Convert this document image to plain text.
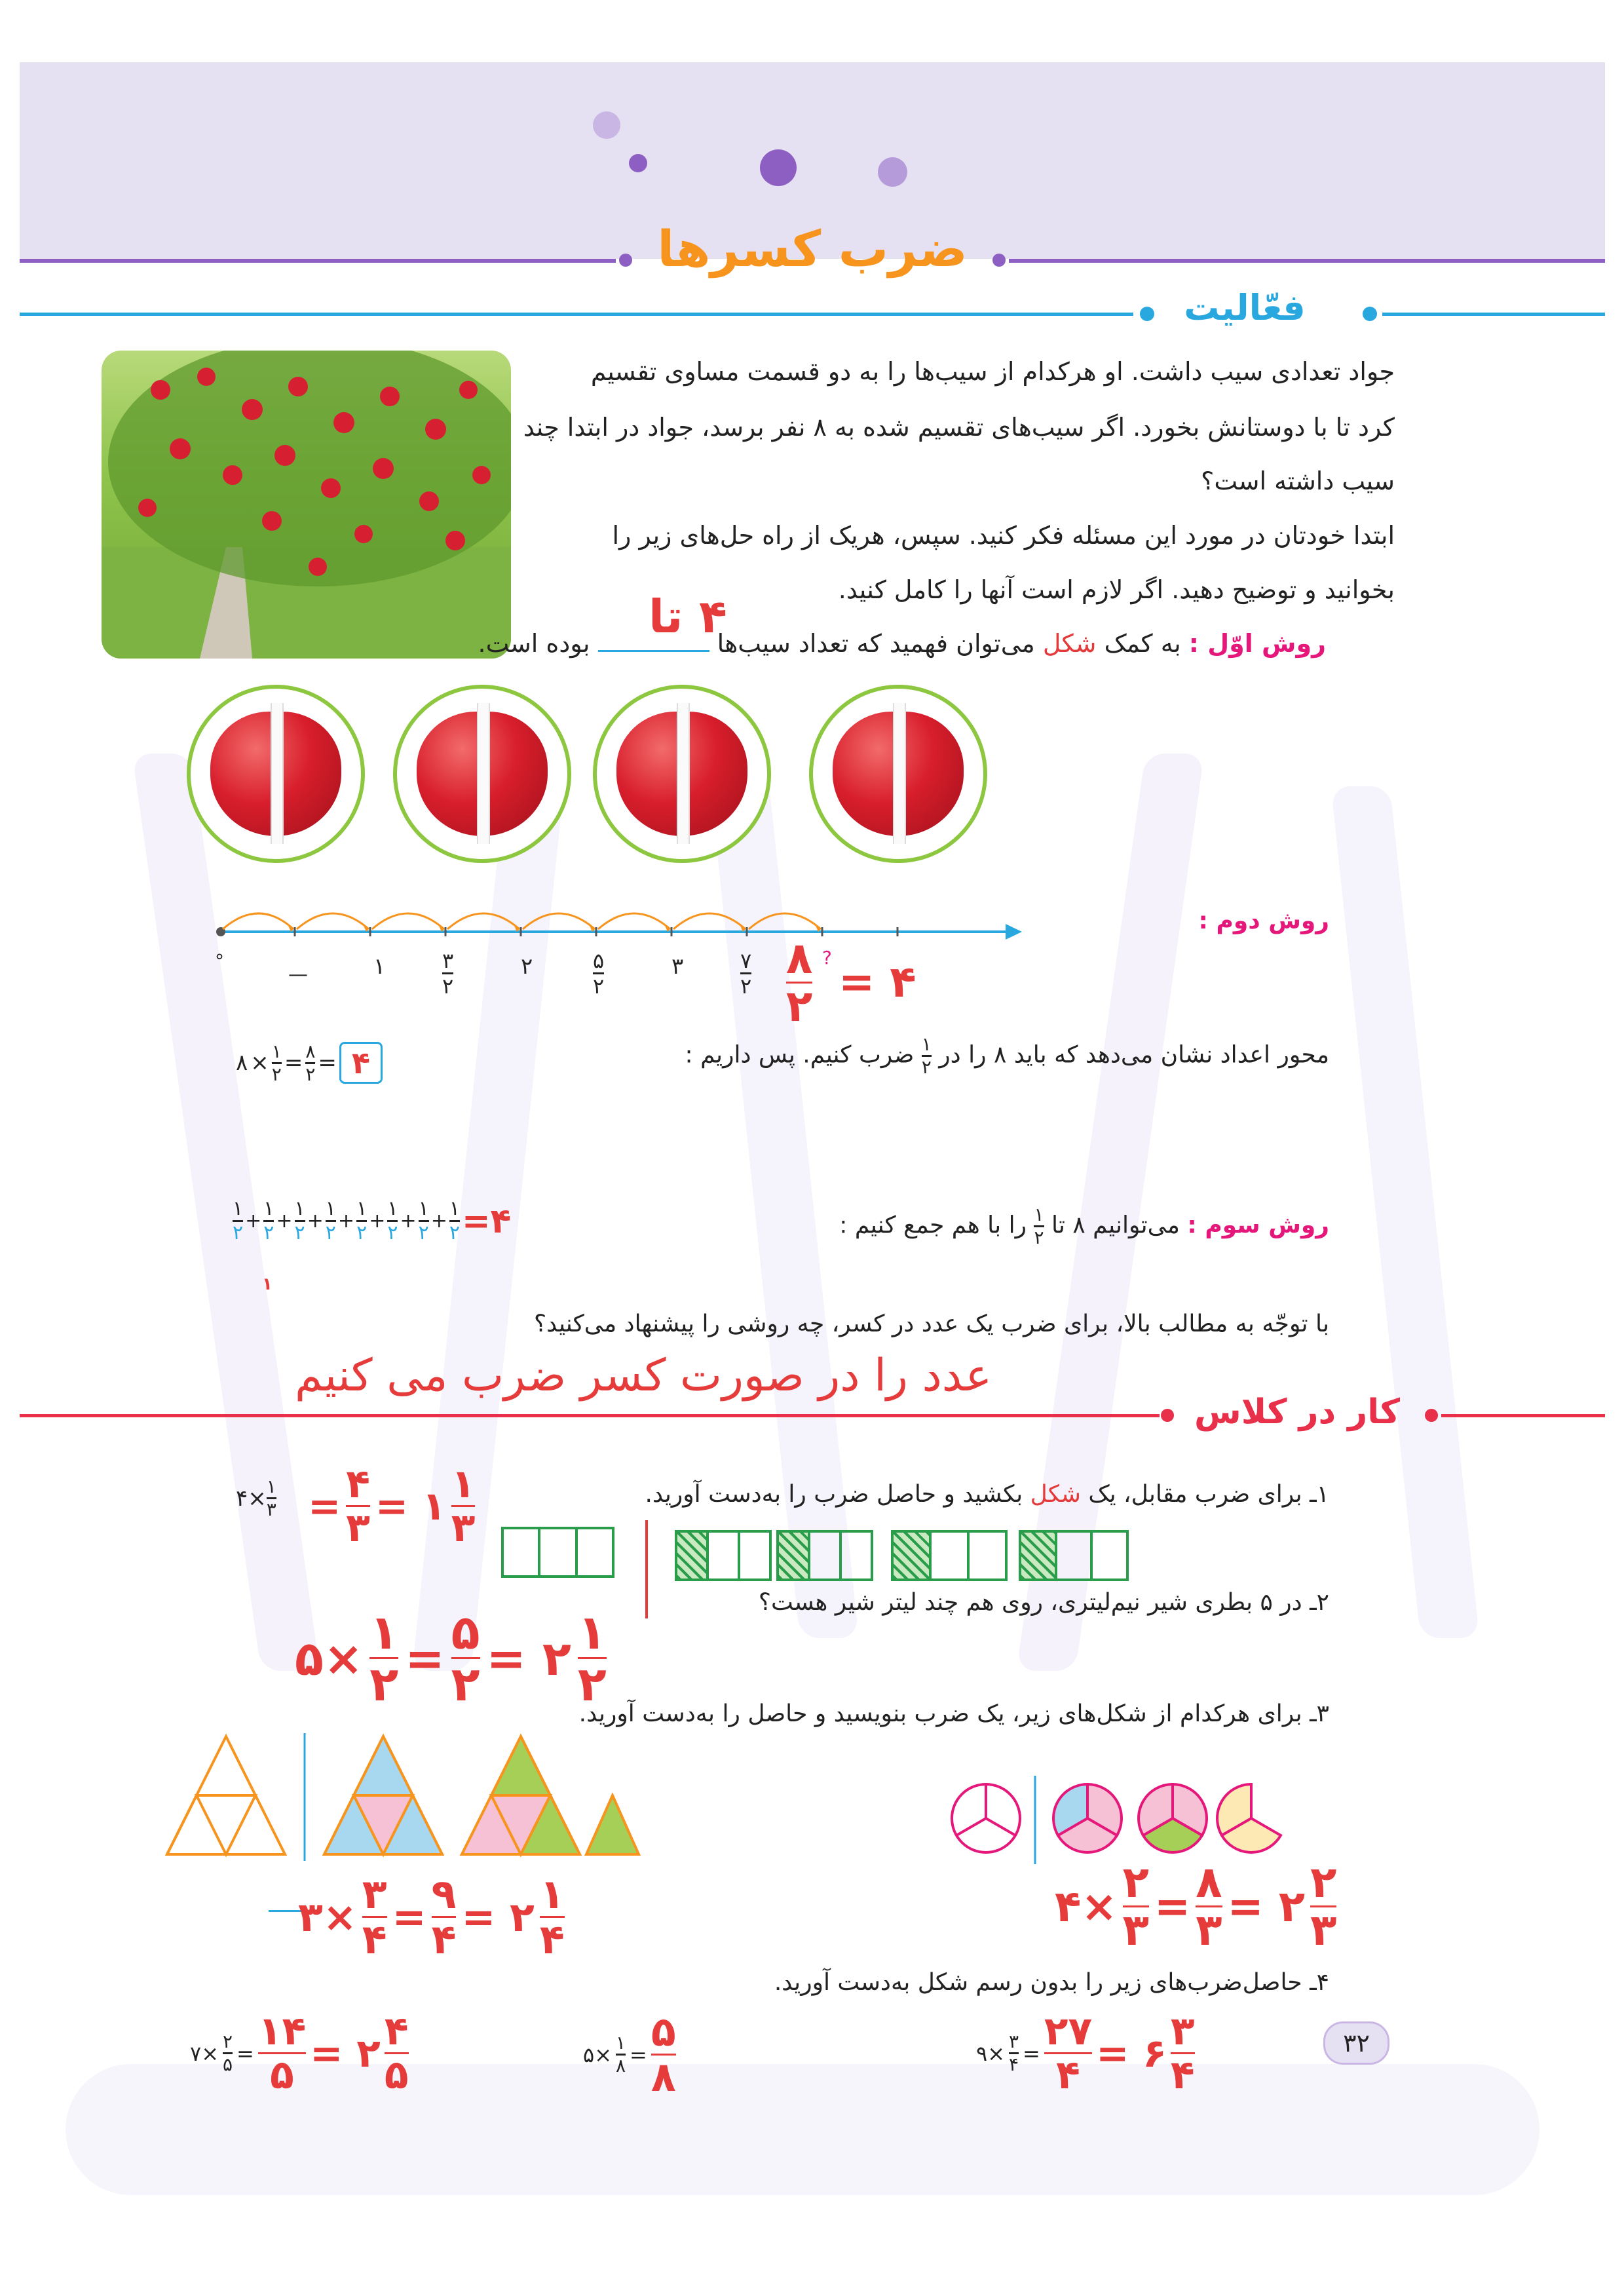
ضرب کسرها
فعّالیت
جواد تعدادی سیب داشت. او هرکدام از سیب‌ها را به دو قسمت مساوی تقسیم
کرد تا با دوستانش بخورد. اگر سیب‌های تقسیم شده به ۸ نفر برسد، جواد در ابتدا چند
سیب داشته است؟
ابتدا خودتان در مورد این مسئله فکر کنید. سپس، هریک از راه حل‌های زیر را
بخوانید و توضیح دهید. اگر لازم است آنها را کامل کنید.
روش اوّل : به کمک شکل می‌توان فهمید که تعداد سیب‌ها  بوده است.	۴ تا
روش دوم :
°
—	۱	۳
۲
۲	۵
۲
۳	۷
۲
۸
۲
? = ۴
محور اعداد نشان می‌دهد که باید ۸ را در
$\frac{۱}{۲}$
ضرب کنیم. پس داریم :
۸ × $\frac{۱}{۲} = \frac{۸}{۲}$ = ۴
روش سوم : می‌توانیم ۸ تا
$\frac{۱}{۲}$
را با هم جمع کنیم :
$\frac{۱}{۲} + \frac{۱}{۲} + \frac{۱}{۲} + \frac{۱}{۲} + \frac{۱}{۲} + \frac{۱}{۲} + \frac{۱}{۲} + \frac{۱}{۲}$ =۴
۱
با توجّه به مطالب بالا، برای ضرب یک عدد در کسر، چه روشی را پیشنهاد می‌کنید؟
عدد را در صورت کسر ضرب می کنیم
کار در کلاس
۱ـ برای ضرب مقابل، یک شکل بکشید و حاصل ضرب را به‌دست آورید.
۴× $\frac{۱}{۳} = \frac{۴}{۳}$ = ۱ $\frac{۱}{۳}$
۲ـ در ۵ بطری شیر نیم‌لیتری، روی هم چند لیتر شیر هست؟
۵× $\frac{۱}{۲} = \frac{۵}{۲}$ = ۲ $\frac{۱}{۲}$
۳ـ برای هرکدام از شکل‌های زیر، یک ضرب بنویسید و حاصل را به‌دست آورید.
۳× $\frac{۳}{۴} = \frac{۹}{۴}$ = ۲ $\frac{۱}{۴}$	۴× $\frac{۲}{۳} = \frac{۸}{۳}$ = ۲ $\frac{۲}{۳}$
۴ـ حاصل‌ضرب‌های زیر را بدون رسم شکل به‌دست آورید.
۳۲
۹× $\frac{۳}{۴} = \frac{۲۷}{۴}$ = ۶ $\frac{۳}{۴}$
۵× $\frac{۱}{۸} = \frac{۵}{۸}$
۷× $\frac{۲}{۵} = \frac{۱۴}{۵}$ = ۲ $\frac{۴}{۵}$
